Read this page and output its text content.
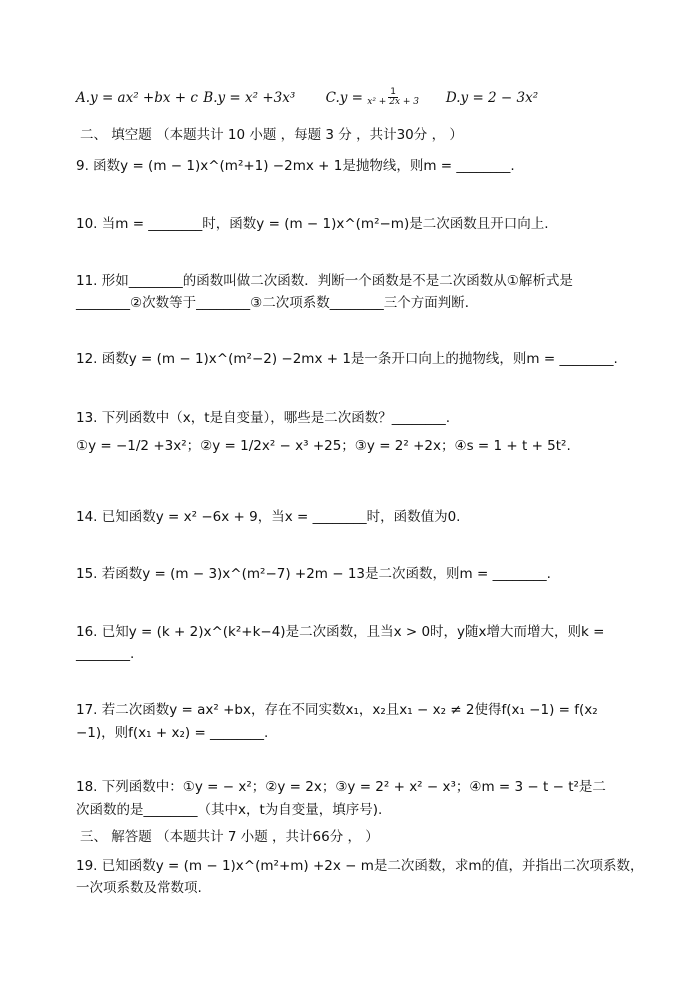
A.y = ax² +bx + c B.y = x² +3x³ $C.y = \frac{1}{\text{x² + 2x + 3}} D.y = 2 - 3x^2$
二、 填空题 （本题共计 10 小题 ，每题 3 分 ，共计30分 ， ）
9. 函数y = (m − 1)x^(m²+1) −2mx + 1是抛物线，则m = ________.
10. 当m = ________时，函数y = (m − 1)x^(m²−m)是二次函数且开口向上.
11. 形如________的函数叫做二次函数．判断一个函数是不是二次函数从①解析式是
________②次数等于________③二次项系数________三个方面判断．
12. 函数y = (m − 1)x^(m²−2) −2mx + 1是一条开口向上的抛物线，则m = ________.
13. 下列函数中（x，t是自变量），哪些是二次函数？________.
①y = −1/2 +3x²；②y = 1/2x² − x³ +25；③y = 2² +2x；④s = 1 + t + 5t².
14. 已知函数y = x² −6x + 9，当x = ________时，函数值为0.
15. 若函数y = (m − 3)x^(m²−7) +2m − 13是二次函数，则m = ________.
16. 已知y = (k + 2)x^(k²+k−4)是二次函数，且当x > 0时，y随x增大而增大，则k =
________.
17. 若二次函数y = ax² +bx，存在不同实数x₁，x₂且x₁ − x₂ ≠ 2使得f(x₁ −1) = f(x₂
−1)，则f(x₁ + x₂) = ________.
18. 下列函数中：①y = − x²；②y = 2x；③y = 2² + x² − x³；④m = 3 − t − t²是二
次函数的是________（其中x，t为自变量，填序号).
三、 解答题 （本题共计 7 小题 ，共计66分 ， ）
19. 已知函数y = (m − 1)x^(m²+m) +2x − m是二次函数，求m的值，并指出二次项系数，
一次项系数及常数项.
